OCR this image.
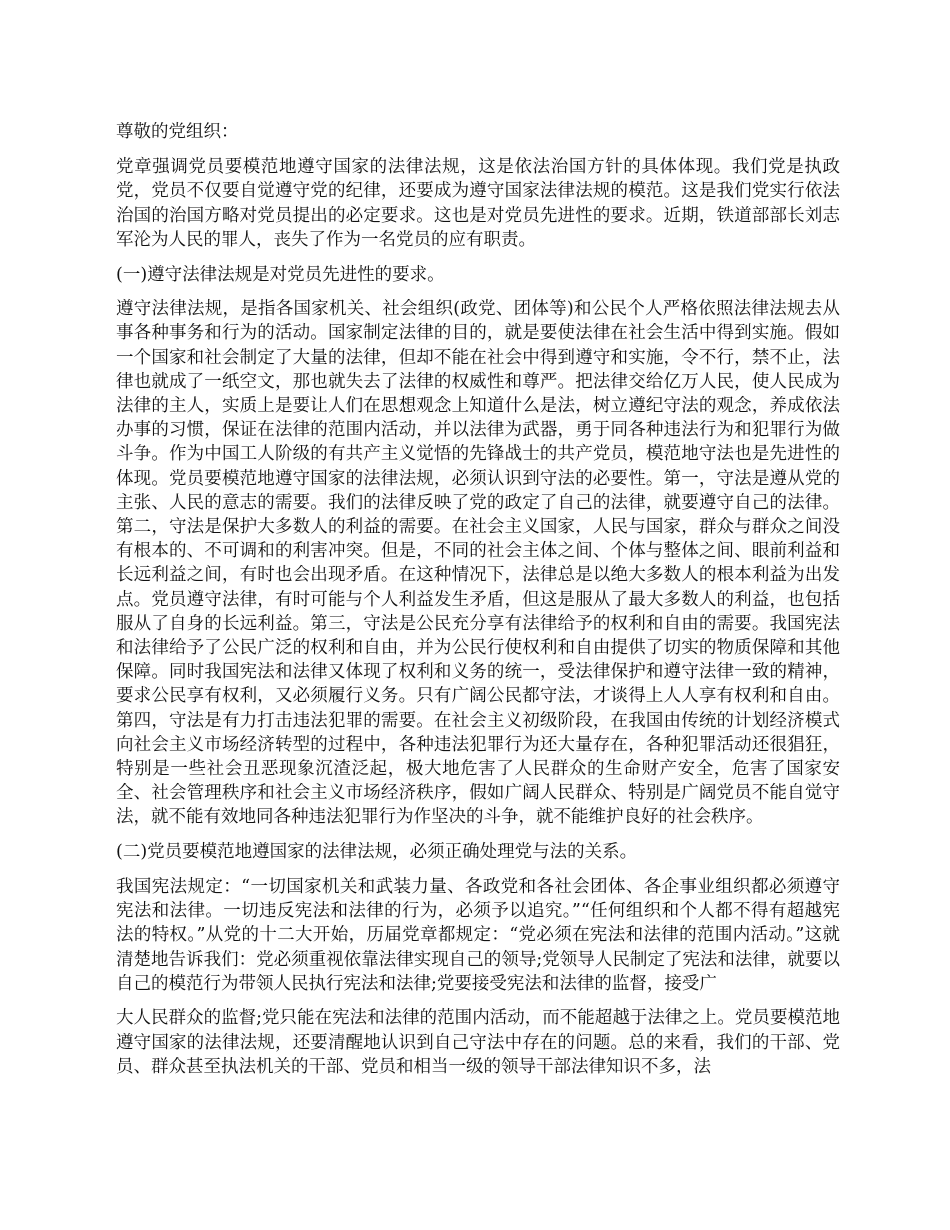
尊敬的党组织：

党章强调党员要模范地遵守国家的法律法规，这是依法治国方针的具体体现。我们党是执政党，党员不仅要自觉遵守党的纪律，还要成为遵守国家法律法规的模范。这是我们党实行依法治国的治国方略对党员提出的必定要求。这也是对党员先进性的要求。近期，铁道部部长刘志军沦为人民的罪人，丧失了作为一名党员的应有职责。

(一)遵守法律法规是对党员先进性的要求。

遵守法律法规，是指各国家机关、社会组织(政党、团体等)和公民个人严格依照法律法规去从事各种事务和行为的活动。国家制定法律的目的，就是要使法律在社会生活中得到实施。假如一个国家和社会制定了大量的法律，但却不能在社会中得到遵守和实施，令不行，禁不止，法律也就成了一纸空文，那也就失去了法律的权威性和尊严。把法律交给亿万人民，使人民成为法律的主人，实质上是要让人们在思想观念上知道什么是法，树立遵纪守法的观念，养成依法办事的习惯，保证在法律的范围内活动，并以法律为武器，勇于同各种违法行为和犯罪行为做斗争。作为中国工人阶级的有共产主义觉悟的先锋战士的共产党员，模范地守法也是先进性的体现。党员要模范地遵守国家的法律法规，必须认识到守法的必要性。第一，守法是遵从党的主张、人民的意志的需要。我们的法律反映了党的政定了自己的法律，就要遵守自己的法律。第二，守法是保护大多数人的利益的需要。在社会主义国家，人民与国家，群众与群众之间没有根本的、不可调和的利害冲突。但是，不同的社会主体之间、个体与整体之间、眼前利益和长远利益之间，有时也会出现矛盾。在这种情况下，法律总是以绝大多数人的根本利益为出发点。党员遵守法律，有时可能与个人利益发生矛盾，但这是服从了最大多数人的利益，也包括服从了自身的长远利益。第三，守法是公民充分享有法律给予的权利和自由的需要。我国宪法和法律给予了公民广泛的权利和自由，并为公民行使权利和自由提供了切实的物质保障和其他保障。同时我国宪法和法律又体现了权利和义务的统一，受法律保护和遵守法律一致的精神，要求公民享有权利，又必须履行义务。只有广阔公民都守法，才谈得上人人享有权利和自由。第四，守法是有力打击违法犯罪的需要。在社会主义初级阶段，在我国由传统的计划经济模式向社会主义市场经济转型的过程中，各种违法犯罪行为还大量存在，各种犯罪活动还很猖狂，特别是一些社会丑恶现象沉渣泛起，极大地危害了人民群众的生命财产安全，危害了国家安全、社会管理秩序和社会主义市场经济秩序，假如广阔人民群众、特别是广阔党员不能自觉守法，就不能有效地同各种违法犯罪行为作坚决的斗争，就不能维护良好的社会秩序。

(二)党员要模范地遵国家的法律法规，必须正确处理党与法的关系。

我国宪法规定：“一切国家机关和武装力量、各政党和各社会团体、各企事业组织都必须遵守宪法和法律。一切违反宪法和法律的行为，必须予以追究。”“任何组织和个人都不得有超越宪法的特权。”从党的十二大开始，历届党章都规定：“党必须在宪法和法律的范围内活动。”这就清楚地告诉我们：党必须重视依靠法律实现自己的领导;党领导人民制定了宪法和法律，就要以自己的模范行为带领人民执行宪法和法律;党要接受宪法和法律的监督，接受广

大人民群众的监督;党只能在宪法和法律的范围内活动，而不能超越于法律之上。党员要模范地遵守国家的法律法规，还要清醒地认识到自己守法中存在的问题。总的来看，我们的干部、党员、群众甚至执法机关的干部、党员和相当一级的领导干部法律知识不多，法
